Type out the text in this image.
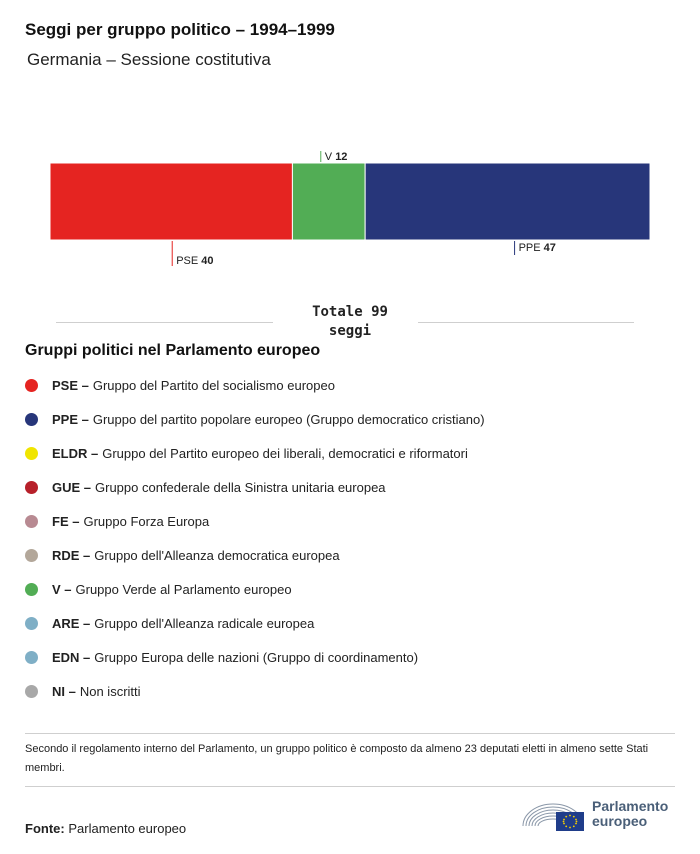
Seggi per gruppo politico – 1994–1999
Germania – Sessione costitutiva
PSE 40
V 12
PPE 47
Totale 99
seggi
Gruppi politici nel Parlamento europeo
PSE – Gruppo del Partito del socialismo europeo
PPE – Gruppo del partito popolare europeo (Gruppo democratico cristiano)
ELDR – Gruppo del Partito europeo dei liberali, democratici e riformatori
GUE – Gruppo confederale della Sinistra unitaria europea
FE – Gruppo Forza Europa
RDE – Gruppo dell'Alleanza democratica europea
V – Gruppo Verde al Parlamento europeo
ARE – Gruppo dell'Alleanza radicale europea
EDN – Gruppo Europa delle nazioni (Gruppo di coordinamento)
NI – Non iscritti
Secondo il regolamento interno del Parlamento, un gruppo politico è composto da almeno 23 deputati eletti in almeno sette Stati membri.
Fonte: Parlamento europeo
Parlamento
europeo
